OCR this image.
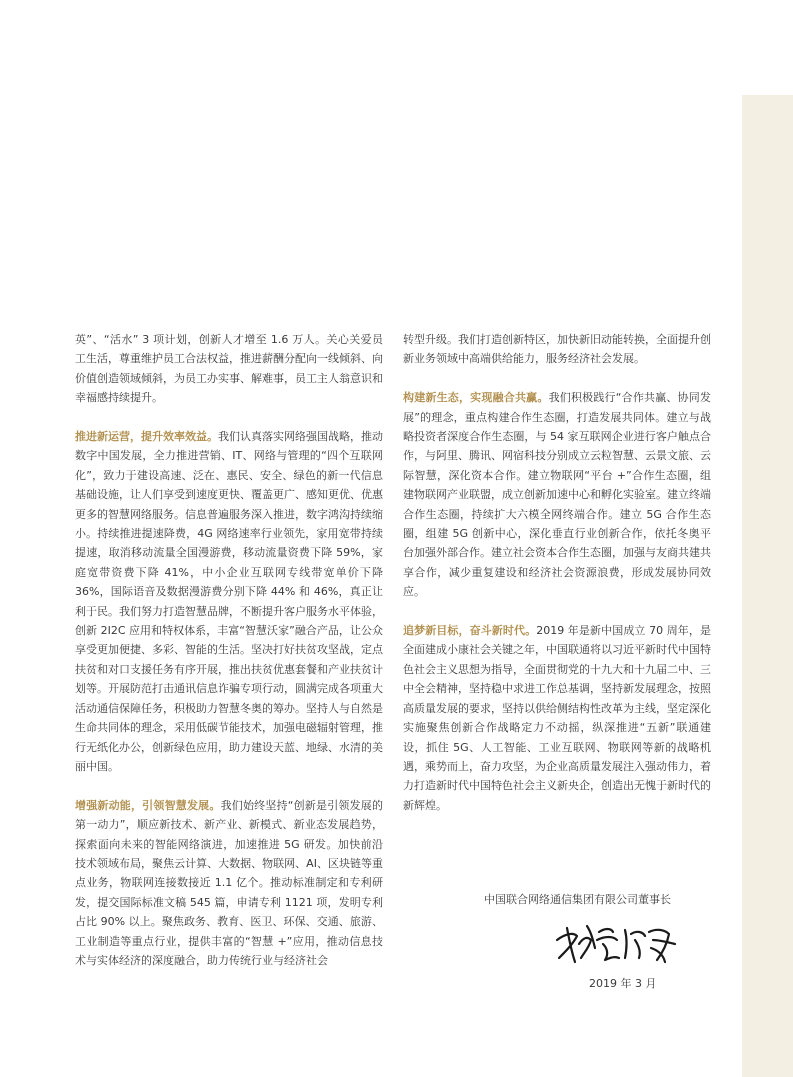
英”、“活水” 3 项计划，创新人才增至 1.6 万人。关心关爱员工生活，尊重维护员工合法权益，推进薪酬分配向一线倾斜、向价值创造领域倾斜，为员工办实事、解难事，员工主人翁意识和幸福感持续提升。

推进新运营，提升效率效益。我们认真落实网络强国战略，推动数字中国发展，全力推进营销、IT、网络与管理的“四个互联网化”，致力于建设高速、泛在、惠民、安全、绿色的新一代信息基础设施，让人们享受到速度更快、覆盖更广、感知更优、优惠更多的智慧网络服务。信息普遍服务深入推进，数字鸿沟持续缩小。持续推进提速降费，4G 网络速率行业领先，家用宽带持续提速，取消移动流量全国漫游费，移动流量资费下降 59%，家庭宽带资费下降 41%，中小企业互联网专线带宽单价下降 36%，国际语音及数据漫游费分别下降 44% 和 46%，真正让利于民。我们努力打造智慧品牌，不断提升客户服务水平体验，创新 2I2C 应用和特权体系，丰富“智慧沃家”融合产品，让公众享受更加便捷、多彩、智能的生活。坚决打好扶贫攻坚战，定点扶贫和对口支援任务有序开展，推出扶贫优惠套餐和产业扶贫计划等。开展防范打击通讯信息诈骗专项行动，圆满完成各项重大活动通信保障任务，积极助力智慧冬奥的筹办。坚持人与自然是生命共同体的理念，采用低碳节能技术，加强电磁辐射管理，推行无纸化办公，创新绿色应用，助力建设天蓝、地绿、水清的美丽中国。

增强新动能，引领智慧发展。我们始终坚持“创新是引领发展的第一动力”，顺应新技术、新产业、新模式、新业态发展趋势，探索面向未来的智能网络演进，加速推进 5G 研发。加快前沿技术领域布局，聚焦云计算、大数据、物联网、AI、区块链等重点业务，物联网连接数接近 1.1 亿个。推动标准制定和专利研发，提交国际标准文稿 545 篇，申请专利 1121 项，发明专利占比 90% 以上。聚焦政务、教育、医卫、环保、交通、旅游、工业制造等重点行业，提供丰富的“智慧 +”应用，推动信息技术与实体经济的深度融合，助力传统行业与经济社会

转型升级。我们打造创新特区，加快新旧动能转换，全面提升创新业务领域中高端供给能力，服务经济社会发展。

构建新生态，实现融合共赢。我们积极践行“合作共赢、协同发展”的理念，重点构建合作生态圈，打造发展共同体。建立与战略投资者深度合作生态圈，与 54 家互联网企业进行客户触点合作，与阿里、腾讯、网宿科技分别成立云粒智慧、云景文旅、云际智慧，深化资本合作。建立物联网“平台 +”合作生态圈，组建物联网产业联盟，成立创新加速中心和孵化实验室。建立终端合作生态圈，持续扩大六模全网终端合作。建立 5G 合作生态圈，组建 5G 创新中心，深化垂直行业创新合作，依托冬奥平台加强外部合作。建立社会资本合作生态圈，加强与友商共建共享合作，减少重复建设和经济社会资源浪费，形成发展协同效应。

追梦新目标，奋斗新时代。2019 年是新中国成立 70 周年，是全面建成小康社会关键之年，中国联通将以习近平新时代中国特色社会主义思想为指导，全面贯彻党的十九大和十九届二中、三中全会精神，坚持稳中求进工作总基调，坚持新发展理念，按照高质量发展的要求，坚持以供给侧结构性改革为主线，坚定深化实施聚焦创新合作战略定力不动摇，纵深推进“五新”联通建设，抓住 5G、人工智能、工业互联网、物联网等新的战略机遇，乘势而上，奋力攻坚，为企业高质量发展注入强动伟力，着力打造新时代中国特色社会主义新央企，创造出无愧于新时代的新辉煌。

中国联合网络通信集团有限公司董事长
2019 年 3 月
